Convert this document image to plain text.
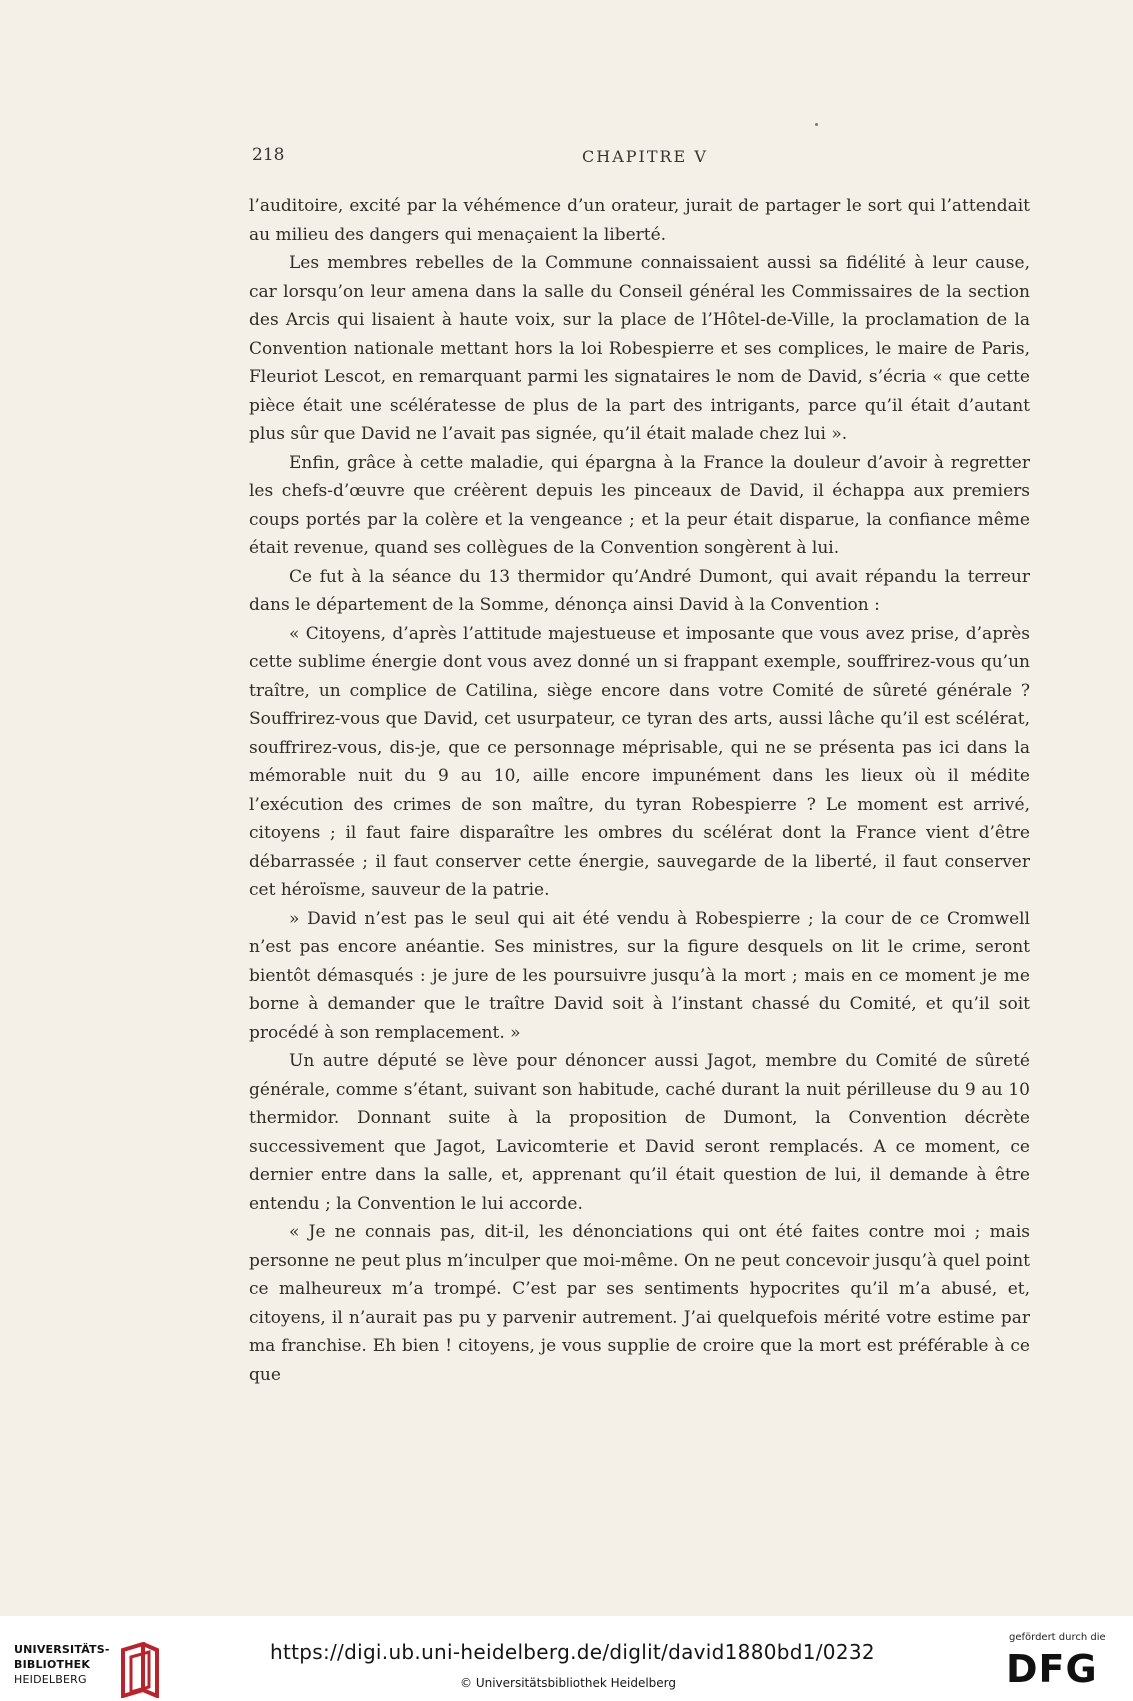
218	CHAPITRE V

l’auditoire, excité par la véhémence d’un orateur, jurait de partager le sort qui l’attendait au milieu des dangers qui menaçaient la liberté.

Les membres rebelles de la Commune connaissaient aussi sa fidélité à leur cause, car lorsqu’on leur amena dans la salle du Conseil général les Commissaires de la section des Arcis qui lisaient à haute voix, sur la place de l’Hôtel-de-Ville, la proclamation de la Convention nationale mettant hors la loi Robespierre et ses complices, le maire de Paris, Fleuriot Lescot, en remarquant parmi les signataires le nom de David, s’écria « que cette pièce était une scélératesse de plus de la part des intrigants, parce qu’il était d’autant plus sûr que David ne l’avait pas signée, qu’il était malade chez lui ».

Enfin, grâce à cette maladie, qui épargna à la France la douleur d’avoir à regretter les chefs-d’œuvre que créèrent depuis les pinceaux de David, il échappa aux premiers coups portés par la colère et la vengeance ; et la peur était disparue, la confiance même était revenue, quand ses collègues de la Convention songèrent à lui.

Ce fut à la séance du 13 thermidor qu’André Dumont, qui avait répandu la terreur dans le département de la Somme, dénonça ainsi David à la Convention :

« Citoyens, d’après l’attitude majestueuse et imposante que vous avez prise, d’après cette sublime énergie dont vous avez donné un si frappant exemple, souffrirez-vous qu’un traître, un complice de Catilina, siège encore dans votre Comité de sûreté générale ? Souffrirez-vous que David, cet usurpateur, ce tyran des arts, aussi lâche qu’il est scélérat, souffrirez-vous, dis-je, que ce personnage méprisable, qui ne se présenta pas ici dans la mémorable nuit du 9 au 10, aille encore impunément dans les lieux où il médite l’exécution des crimes de son maître, du tyran Robespierre ? Le moment est arrivé, citoyens ; il faut faire disparaître les ombres du scélérat dont la France vient d’être débarrassée ; il faut conserver cette énergie, sauvegarde de la liberté, il faut conserver cet héroïsme, sauveur de la patrie.

» David n’est pas le seul qui ait été vendu à Robespierre ; la cour de ce Cromwell n’est pas encore anéantie. Ses ministres, sur la figure desquels on lit le crime, seront bientôt démasqués : je jure de les poursuivre jusqu’à la mort ; mais en ce moment je me borne à demander que le traître David soit à l’instant chassé du Comité, et qu’il soit procédé à son remplacement. »

Un autre député se lève pour dénoncer aussi Jagot, membre du Comité de sûreté générale, comme s’étant, suivant son habitude, caché durant la nuit périlleuse du 9 au 10 thermidor. Donnant suite à la proposition de Dumont, la Convention décrète successivement que Jagot, Lavicomterie et David seront remplacés. A ce moment, ce dernier entre dans la salle, et, apprenant qu’il était question de lui, il demande à être entendu ; la Convention le lui accorde.

« Je ne connais pas, dit-il, les dénonciations qui ont été faites contre moi ; mais personne ne peut plus m’inculper que moi-même. On ne peut concevoir jusqu’à quel point ce malheureux m’a trompé. C’est par ses sentiments hypocrites qu’il m’a abusé, et, citoyens, il n’aurait pas pu y parvenir autrement. J’ai quelquefois mérité votre estime par ma franchise. Eh bien ! citoyens, je vous supplie de croire que la mort est préférable à ce que

UNIVERSITÄTS-
BIBLIOTHEK
HEIDELBERG
https://digi.ub.uni-heidelberg.de/diglit/david1880bd1/0232
© Universitätsbibliothek Heidelberg
gefördert durch die
DFG
